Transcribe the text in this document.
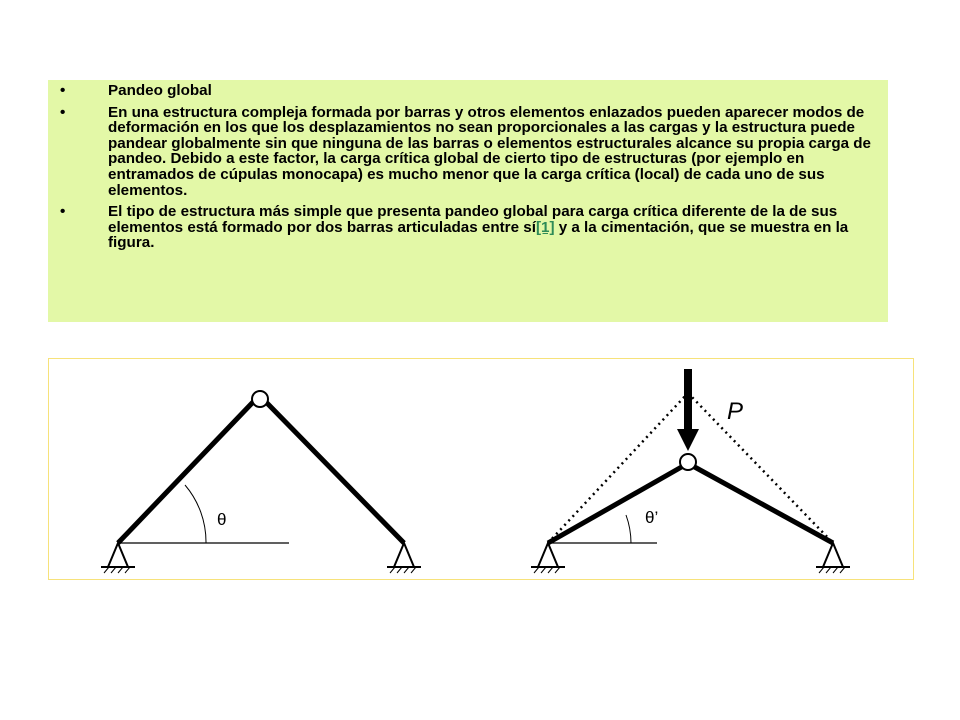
•	Pandeo global
•	En una estructura compleja formada por barras y otros elementos enlazados pueden aparecer modos de deformación en los que los desplazamientos no sean proporcionales a las cargas y la estructura puede pandear globalmente sin que ninguna de las barras o elementos estructurales alcance su propia carga de pandeo. Debido a este factor, la carga crítica global de cierto tipo de estructuras (por ejemplo en entramados de cúpulas monocapa) es mucho menor que la carga crítica (local) de cada uno de sus elementos.
•	El tipo de estructura más simple que presenta pandeo global para carga crítica diferente de la de sus elementos está formado por dos barras articuladas entre sí[1] y a la cimentación, que se muestra en la figura.
θ	θ’
P
